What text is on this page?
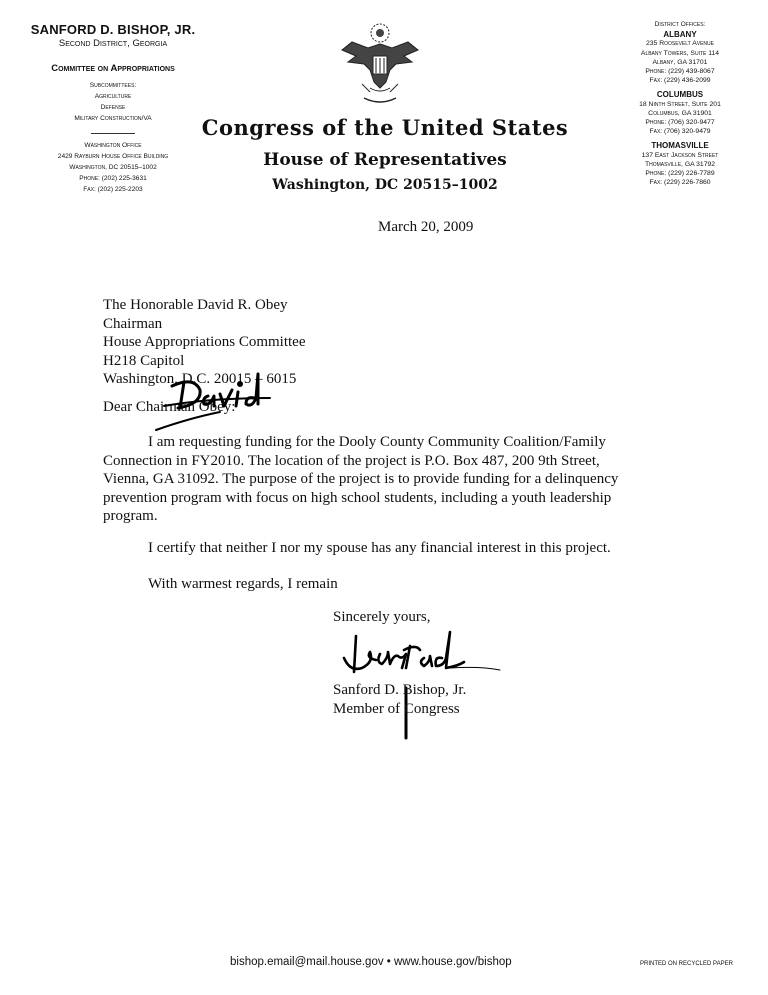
SANFORD D. BISHOP, JR.
Second District, Georgia
Committee on Appropriations
Subcommittees:
Agriculture
Defense
Military Construction/VA
Washington Office
2429 Rayburn House Office Building
Washington, DC 20515–1002
Phone: (202) 225-3631
Fax: (202) 225-2203
District Offices:
ALBANY
235 Roosevelt Avenue
Albany Towers, Suite 114
Albany, GA 31701
Phone: (229) 439-8067
Fax: (229) 436-2099
COLUMBUS
18 Ninth Street, Suite 201
Columbus, GA 31901
Phone: (706) 320-9477
Fax: (706) 320-9479
THOMASVILLE
137 East Jackson Street
Thomasville, GA 31792
Phone: (229) 226-7789
Fax: (229) 226-7860
Congress of the United States
House of Representatives
Washington, DC 20515–1002
March 20, 2009
The Honorable David R. Obey
Chairman
House Appropriations Committee
H218 Capitol
Washington, D.C. 20015 – 6015
Dear Chairman Obey:
I am requesting funding for the Dooly County Community Coalition/Family Connection in FY2010. The location of the project is P.O. Box 487, 200 9th Street, Vienna, GA 31092. The purpose of the project is to provide funding for a delinquency prevention program with focus on high school students, including a youth leadership program.
I certify that neither I nor my spouse has any financial interest in this project.
With warmest regards, I remain
Sincerely yours,
Sanford D. Bishop, Jr.
Member of Congress
bishop.email@mail.house.gov • www.house.gov/bishop	PRINTED ON RECYCLED PAPER
